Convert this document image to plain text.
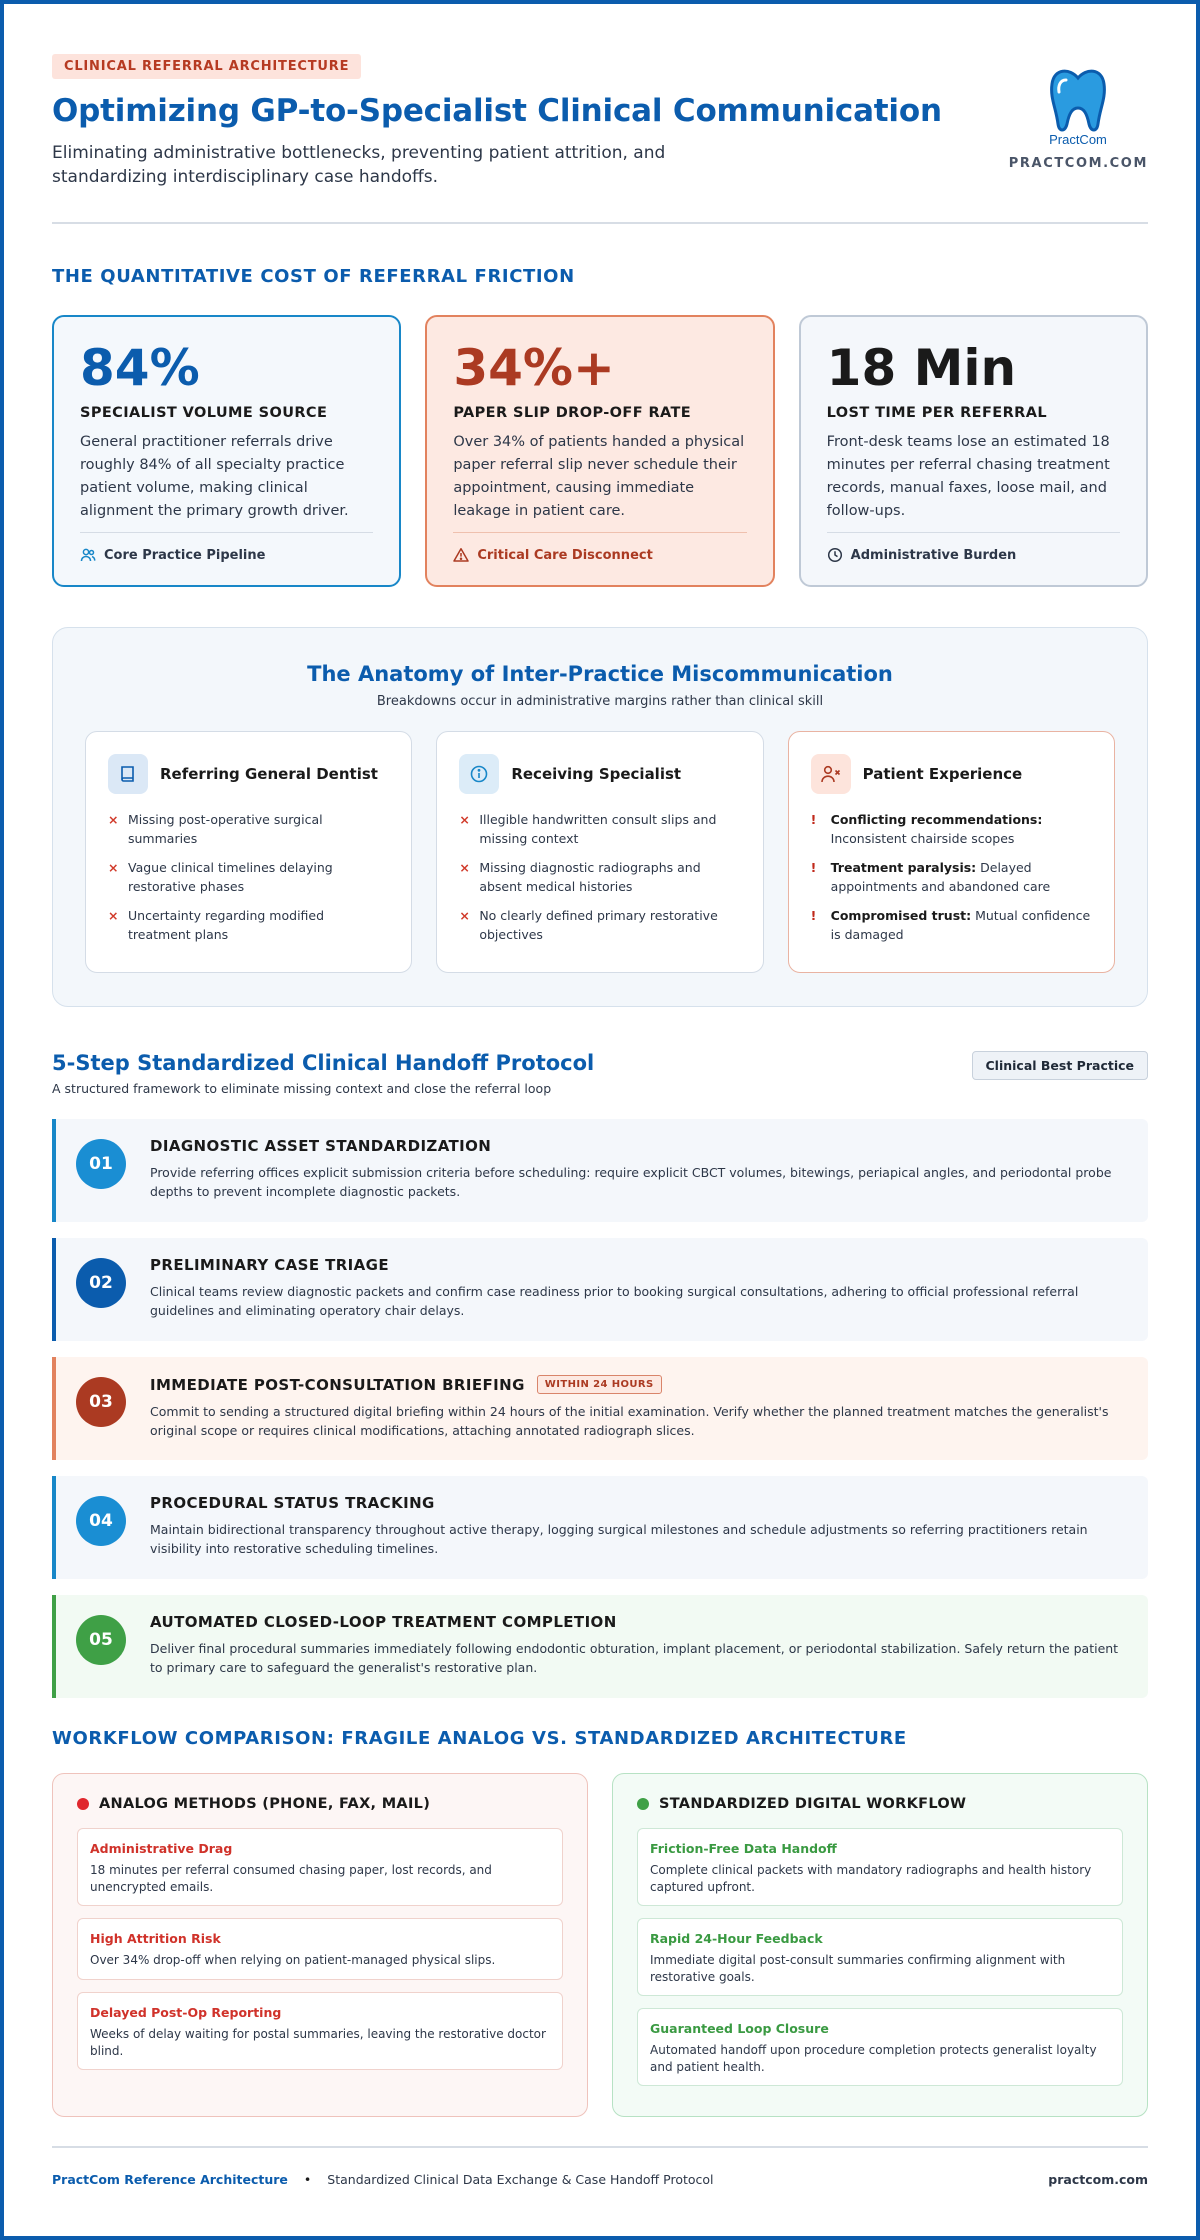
CLINICAL REFERRAL ARCHITECTURE
Optimizing GP-to-Specialist Clinical Communication

Eliminating administrative bottlenecks, preventing patient attrition, and standardizing interdisciplinary case handoffs.

PractCom
PRACTCOM.COM
THE QUANTITATIVE COST OF REFERRAL FRICTION
84%
SPECIALIST VOLUME SOURCE

General practitioner referrals drive roughly 84% of all specialty practice patient volume, making clinical alignment the primary growth driver.

Core Practice Pipeline
34%+
PAPER SLIP DROP-OFF RATE

Over 34% of patients handed a physical paper referral slip never schedule their appointment, causing immediate leakage in patient care.

Critical Care Disconnect
18 Min
LOST TIME PER REFERRAL

Front-desk teams lose an estimated 18 minutes per referral chasing treatment records, manual faxes, loose mail, and follow-ups.

Administrative Burden
The Anatomy of Inter-Practice Miscommunication

Breakdowns occur in administrative margins rather than clinical skill

Referring General Dentist
× Missing post-operative surgical summaries
× Vague clinical timelines delaying restorative phases
× Uncertainty regarding modified treatment plans
Receiving Specialist
× Illegible handwritten consult slips and missing context
× Missing diagnostic radiographs and absent medical histories
× No clearly defined primary restorative objectives
Patient Experience
!	Conflicting recommendations: Inconsistent chairside scopes
!	Treatment paralysis: Delayed appointments and abandoned care
!	Compromised trust: Mutual confidence is damaged
5-Step Standardized Clinical Handoff Protocol

A structured framework to eliminate missing context and close the referral loop

Clinical Best Practice
01
DIAGNOSTIC ASSET STANDARDIZATION

Provide referring offices explicit submission criteria before scheduling: require explicit CBCT volumes, bitewings, periapical angles, and periodontal probe depths to prevent incomplete diagnostic packets.

02
PRELIMINARY CASE TRIAGE

Clinical teams review diagnostic packets and confirm case readiness prior to booking surgical consultations, adhering to official professional referral guidelines and eliminating operatory chair delays.

03
IMMEDIATE POST-CONSULTATION BRIEFING	WITHIN 24 HOURS

Commit to sending a structured digital briefing within 24 hours of the initial examination. Verify whether the planned treatment matches the generalist's original scope or requires clinical modifications, attaching annotated radiograph slices.

04
PROCEDURAL STATUS TRACKING

Maintain bidirectional transparency throughout active therapy, logging surgical milestones and schedule adjustments so referring practitioners retain visibility into restorative scheduling timelines.

05
AUTOMATED CLOSED-LOOP TREATMENT COMPLETION

Deliver final procedural summaries immediately following endodontic obturation, implant placement, or periodontal stabilization. Safely return the patient to primary care to safeguard the generalist's restorative plan.

WORKFLOW COMPARISON: FRAGILE ANALOG VS. STANDARDIZED ARCHITECTURE
ANALOG METHODS (PHONE, FAX, MAIL)
Administrative Drag

18 minutes per referral consumed chasing paper, lost records, and unencrypted emails.

High Attrition Risk

Over 34% drop-off when relying on patient-managed physical slips.

Delayed Post-Op Reporting

Weeks of delay waiting for postal summaries, leaving the restorative doctor blind.

STANDARDIZED DIGITAL WORKFLOW
Friction-Free Data Handoff

Complete clinical packets with mandatory radiographs and health history captured upfront.

Rapid 24-Hour Feedback

Immediate digital post-consult summaries confirming alignment with restorative goals.

Guaranteed Loop Closure

Automated handoff upon procedure completion protects generalist loyalty and patient health.

PractCom Reference Architecture • Standardized Clinical Data Exchange & Case Handoff Protocol	practcom.com
